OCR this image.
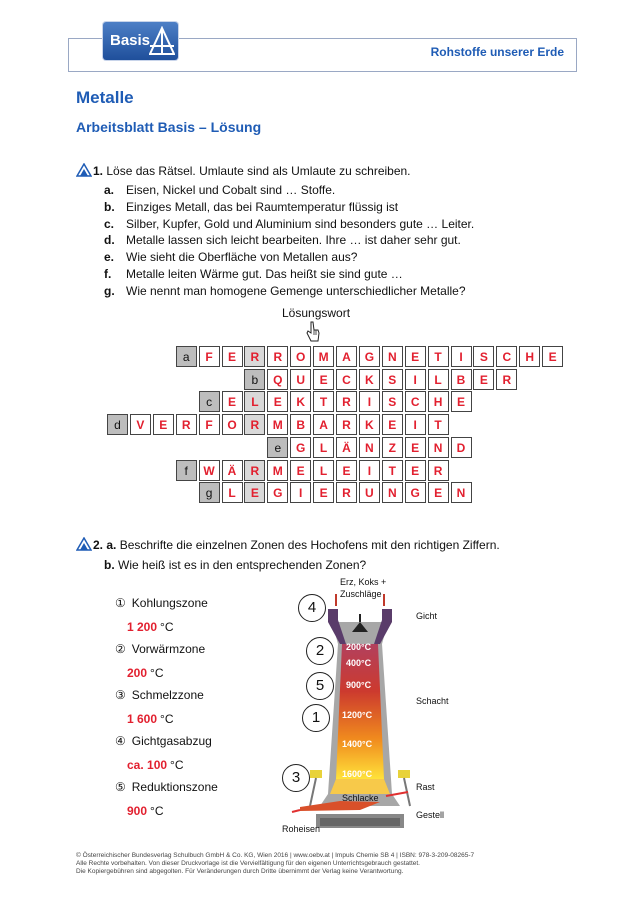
Basis
Rohstoffe unserer Erde
Metalle
Arbeitsblatt Basis – Lösung
1. Löse das Rätsel. Umlaute sind als Umlaute zu schreiben.
a. Eisen, Nickel und Cobalt sind … Stoffe.
b. Einziges Metall, das bei Raumtemperatur flüssig ist
c. Silber, Kupfer, Gold und Aluminium sind besonders gute … Leiter.
d. Metalle lassen sich leicht bearbeiten. Ihre … ist daher sehr gut.
e. Wie sieht die Oberfläche von Metallen aus?
f. Metalle leiten Wärme gut. Das heißt sie sind gute …
g. Wie nennt man homogene Gemenge unterschiedlicher Metalle?
Lösungswort
a	F	E	R	R	O	M	A	G	N	E	T	I	S	C	H	E
b	Q	U	E	C	K	S	I	L	B	E	R
c	E	L	E	K	T	R	I	S	C	H	E
d	V	E	R	F	O	R	M	B	A	R	K	E	I	T
e	G	L	Ä	N	Z	E	N	D
f	W	Ä	R	M	E	L	E	I	T	E	R
g	L	E	G	I	E	R	U	N	G	E	N
2. a. Beschrifte die einzelnen Zonen des Hochofens mit den richtigen Ziffern.
b. Wie heiß ist es in den entsprechenden Zonen?
① Kohlungszone
1 200 °C
② Vorwärmzone
200 °C
③ Schmelzzone
1 600 °C
④ Gichtgasabzug
ca. 100 °C
⑤ Reduktionszone
900 °C
Erz, Koks +
Zuschläge
200°C
400°C
900°C
1200°C
1400°C
1600°C
Schlacke
Roheisen
Gicht
Schacht
Rast
Gestell
4
2
5
1
3
© Österreichischer Bundesverlag Schulbuch GmbH & Co. KG, Wien 2016 | www.oebv.at | Impuls Chemie SB 4 | ISBN: 978-3-209-08265-7
Alle Rechte vorbehalten. Von dieser Druckvorlage ist die Vervielfältigung für den eigenen Unterrichtsgebrauch gestattet.
Die Kopiergebühren sind abgegolten. Für Veränderungen durch Dritte übernimmt der Verlag keine Verantwortung.
